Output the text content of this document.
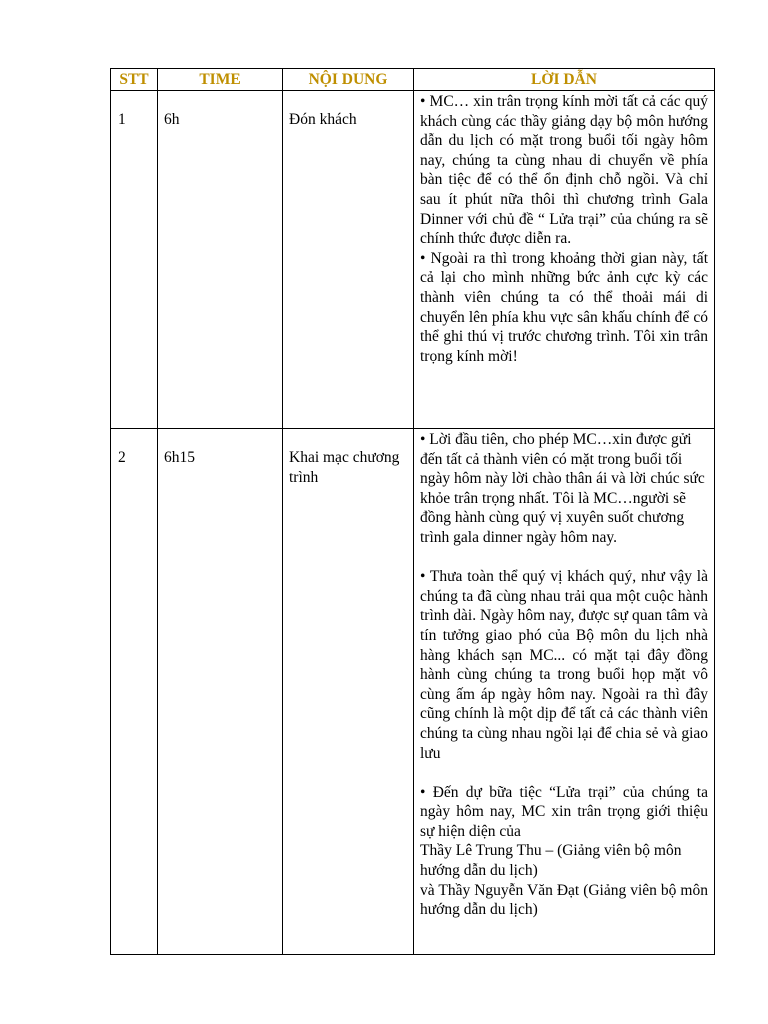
STT	TIME	NỘI DUNG	LỜI DẪN

1	6h	Đón khách	• MC… xin trân trọng kính mời tất cả các quý khách cùng các thầy giảng dạy bộ môn hướng dẫn du lịch có mặt trong buổi tối ngày hôm nay, chúng ta cùng nhau di chuyển về phía bàn tiệc để có thể ổn định chỗ ngồi. Và chỉ sau ít phút nữa thôi thì chương trình Gala Dinner với chủ đề “ Lửa trại” của chúng ra sẽ chính thức được diễn ra.

• Ngoài ra thì trong khoảng thời gian này, tất cả lại cho mình những bức ảnh cực kỳ các thành viên chúng ta có thể thoải mái di chuyển lên phía khu vực sân khấu chính để có thể ghi thú vị trước chương trình. Tôi xin trân trọng kính mời!

2	6h15	Khai mạc chương trình	• Lời đầu tiên, cho phép MC…xin được gửi đến tất cả thành viên có mặt trong buổi tối ngày hôm này lời chào thân ái và lời chúc sức khỏe trân trọng nhất. Tôi là MC…người sẽ đồng hành cùng quý vị xuyên suốt chương trình gala dinner ngày hôm nay.

• Thưa toàn thể quý vị khách quý, như vậy là chúng ta đã cùng nhau trải qua một cuộc hành trình dài. Ngày hôm nay, được sự quan tâm và tín tưởng giao phó của Bộ môn du lịch nhà hàng khách sạn MC... có mặt tại đây đồng hành cùng chúng ta trong buổi họp mặt vô cùng ấm áp ngày hôm nay. Ngoài ra thì đây cũng chính là một dịp để tất cả các thành viên chúng ta cùng nhau ngồi lại để chia sẻ và giao lưu

• Đến dự bữa tiệc “Lửa trại” của chúng ta ngày hôm nay, MC xin trân trọng giới thiệu sự hiện diện của

Thầy Lê Trung Thu – (Giảng viên bộ môn hướng dẫn du lịch)

và Thầy Nguyễn Văn Đạt (Giảng viên bộ môn hướng dẫn du lịch)
